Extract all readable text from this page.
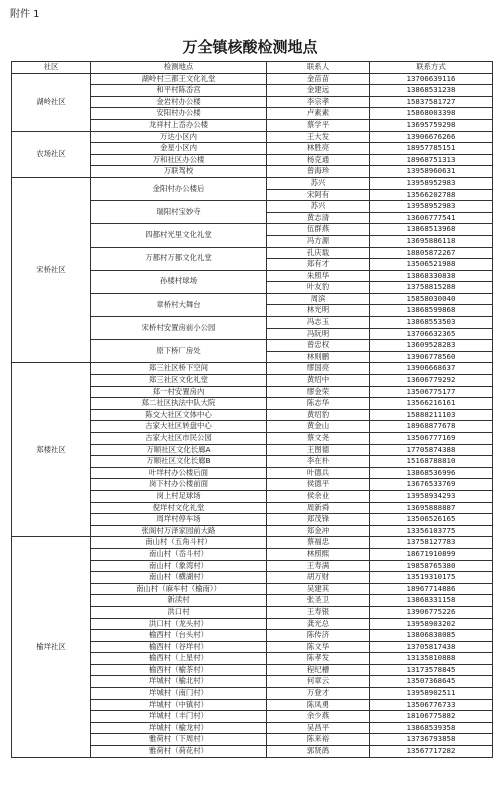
附件 1
万全镇核酸检测地点
社区	检测地点	联系人	联系方式
湖岭社区	湖岭村三都王文化礼堂	金苗苗	13706639116
	和平村陈岙宫	金建远	13868531238
	金岩村办公楼	李宗孝	15837581727
	安阳村办公楼	卢素素	15868003398
	龙祥村上岙办公楼	蔡学平	13695759298
农场社区	万达小区内	王大发	13906676266
	金星小区内	林胜亮	18957785151
	万和社区办公楼	杨克通	18968751313
	万联驾校	曾海珍	13958960631
宋桥社区	金阳村办公楼后	苏兴	13958952983
		宋阿有	13566202788
	瑞阳村宝妙寺	苏兴	13958952983
		黄志清	13606777541
	四都村光里文化礼堂	伍群燕	13868513968
		冯方源	13695886118
	万都村万都文化礼堂	孔庆载	18805872267
		郑有才	13506521988
	孙楼村球场	朱照华	13868330838
		叶友豹	13758815288
	章桥村大舞台	周滨	15858030040
		林光明	13868599868
	宋桥村安置房前小公园	冯志玉	13868553503
		冯阮明	13706632365
	原下桥厂房处	曾忠权	13609528283
		林则鹏	13906778560
郑楼社区	郑三社区桥下空间	缪国亮	13906668637
	郑三社区文化礼堂	黄绍中	13606779292
	郑一村安置房内	缪金荣	13506775177
	郑二社区执法中队大院	陈志华	13566216161
	陈交大社区文体中心	黄绍豹	15888211103
	古家大社区转盘中心	黄金山	18968877678
	古家大社区市民公园	蔡文尧	13506777169
	万顺社区文化长廊A	王图德	17705874388
	万顺社区文化长廊B	李在朴	15168788810
	叶垟村办公楼后面	叶德兵	13868536996
	岗下村办公楼前面	侯德平	13676533769
	岗上村足球场	侯余业	13958934293
	倪垟村文化礼堂	周新舜	13695888887
	周垟村停车场	郑茂锋	13506526165
	张阁村万泽家园前大路	郑金冲	13356103775
榆垟社区	南山村（五角斗村）	蔡福忠	13758127783
	南山村（岙斗村）	林照熙	18671910899
	南山村（象湾村）	王寿满	19858765380
	南山村（横湖村）	胡万财	13519310175
	南山村（麻车村（榆南））	吴建其	18967714886
	新渎村	张圣卫	13868331158
	洪口村	王寿银	13906775226
	洪口村（龙头村）	龚光总	13958903202
	榆西村（台头村）	陈传济	13806838085
	榆西村（谷垟村）	陈文华	13705817438
	榆西村（上星村）	陈孝发	13135810888
	榆西村（榆茶村）	程纪槽	13173578845
	垟城村（榆北村）	何章云	13507368645
	垟城村（南门村）	万登才	13958902511
	垟城村（中镇村）	陈凤勇	13506776733
	垟城村（丰门村）	余少燕	18106775882
	垟城村（榆龙村）	吴昌平	13868539358
	雅荷村（下周村）	陈来裕	13736793858
	雅荷村（荷花村）	郭贤鸽	13567717282
